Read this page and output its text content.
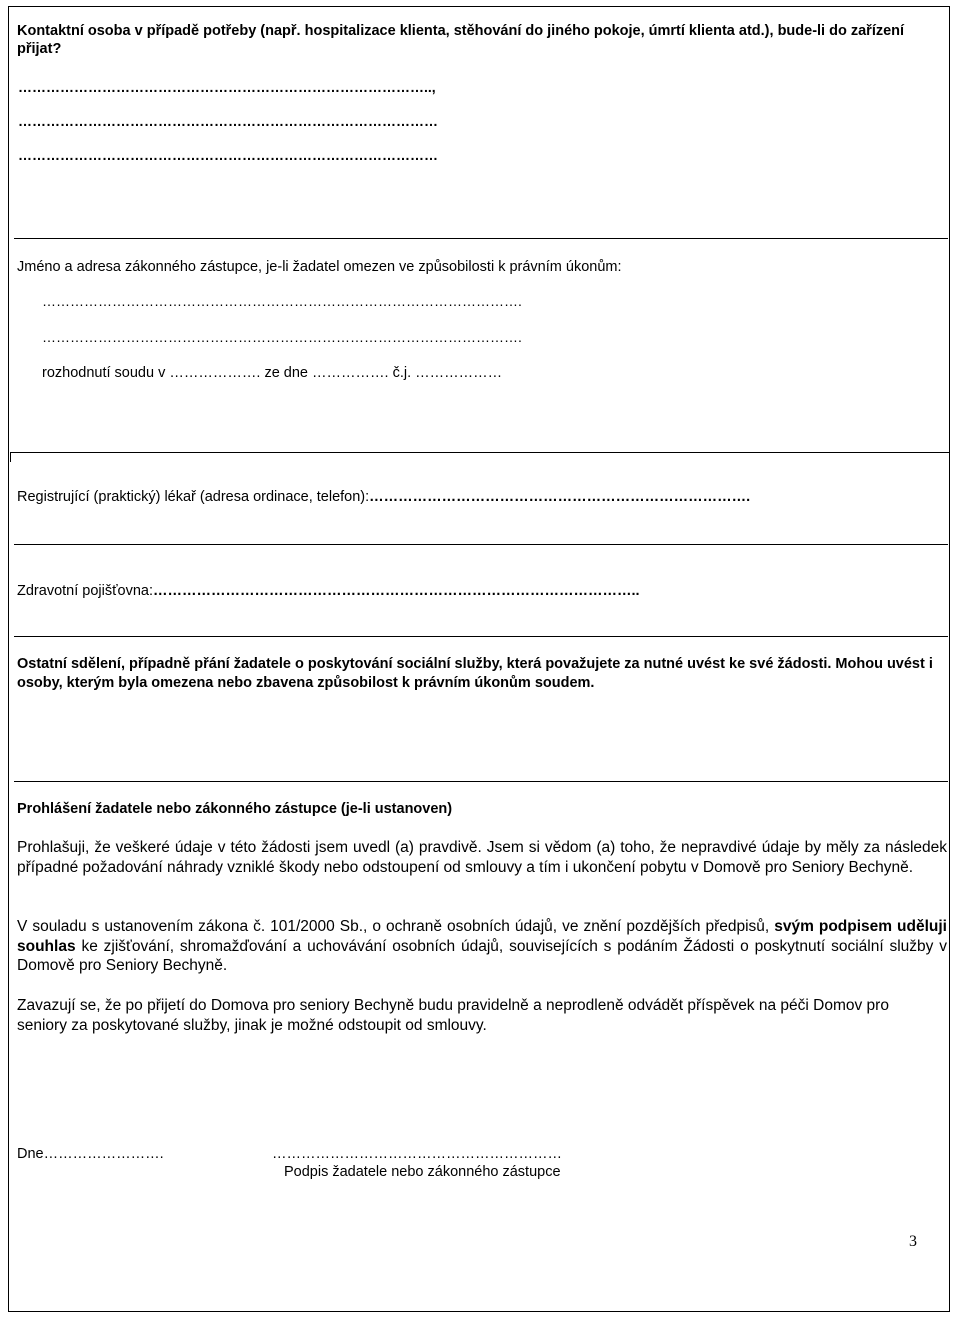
Kontaktní osoba v případě potřeby (např. hospitalizace klienta, stěhování do jiného pokoje, úmrtí klienta atd.), bude-li do zařízení přijat?
……………………………………………………………………………..,
………………………………………………………………………………
………………………………………………………………………………
Jméno a adresa zákonného zástupce, je-li žadatel omezen ve způsobilosti k právním úkonům:
………………………………………………………………………………………….
………………………………………………………………………………………….
rozhodnutí soudu v ………………. ze dne ……………. č.j. ………………
Registrující (praktický) lékař (adresa ordinace, telefon):…………………………………………………………………….
Zdravotní pojišťovna:………………………………………………………………………………………..
Ostatní sdělení, případně přání žadatele o poskytování sociální služby, která považujete za nutné uvést ke své žádosti. Mohou uvést i osoby, kterým byla omezena nebo zbavena způsobilost k právním úkonům soudem.
Prohlášení žadatele nebo zákonného zástupce (je-li ustanoven)
Prohlašuji, že veškeré údaje v této žádosti jsem uvedl (a) pravdivě. Jsem si vědom (a) toho, že nepravdivé údaje by měly za následek případné požadování náhrady vzniklé škody nebo odstoupení od smlouvy a tím i ukončení pobytu v Domově pro Seniory Bechyně.
V souladu s ustanovením zákona č. 101/2000 Sb., o ochraně osobních údajů, ve znění pozdějších předpisů, svým podpisem uděluji souhlas ke zjišťování, shromažďování a uchovávání osobních údajů, souvisejících s podáním Žádosti o poskytnutí sociální služby v Domově pro Seniory Bechyně.
Zavazují se, že po přijetí do Domova pro seniory Bechyně budu pravidelně a neprodleně odvádět příspěvek na péči Domov pro seniory za poskytované služby, jinak je možné odstoupit od smlouvy.
Dne…………………….	……………………………………………………
Podpis žadatele nebo zákonného zástupce
3
